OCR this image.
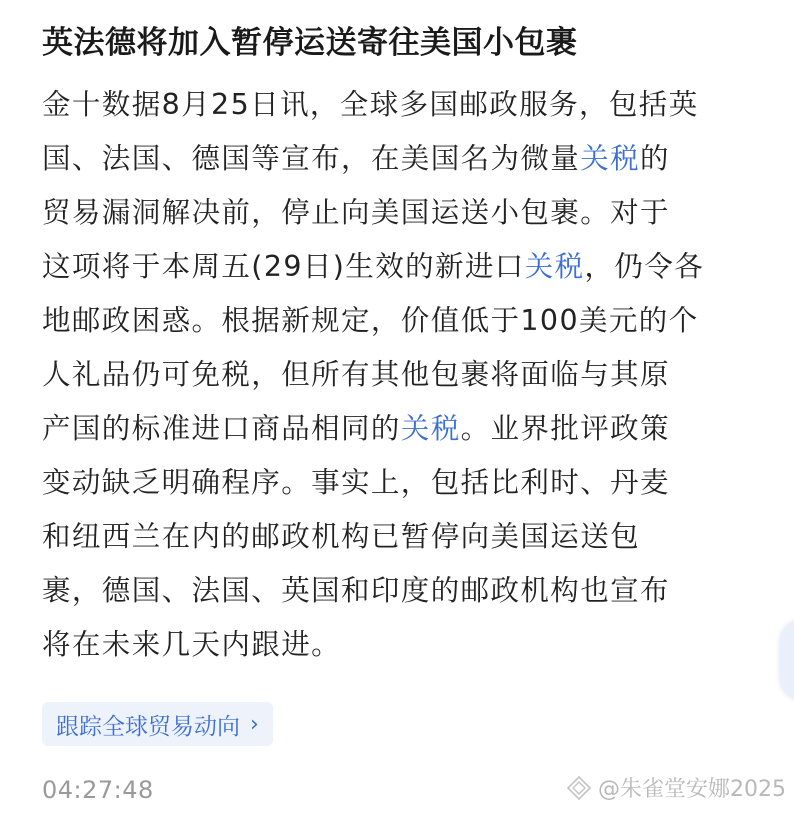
英法德将加入暂停运送寄往美国小包裹

金十数据8月25日讯，全球多国邮政服务，包括英
国、法国、德国等宣布，在美国名为微量关税的
贸易漏洞解决前，停止向美国运送小包裹。对于
这项将于本周五(29日)生效的新进口关税，仍令各
地邮政困惑。根据新规定，价值低于100美元的个
人礼品仍可免税，但所有其他包裹将面临与其原
产国的标准进口商品相同的关税。业界批评政策
变动缺乏明确程序。事实上，包括比利时、丹麦
和纽西兰在内的邮政机构已暂停向美国运送包
裹，德国、法国、英国和印度的邮政机构也宣布
将在未来几天内跟进。

跟踪全球贸易动向 ›
04:27:48	@朱雀堂安娜2025
